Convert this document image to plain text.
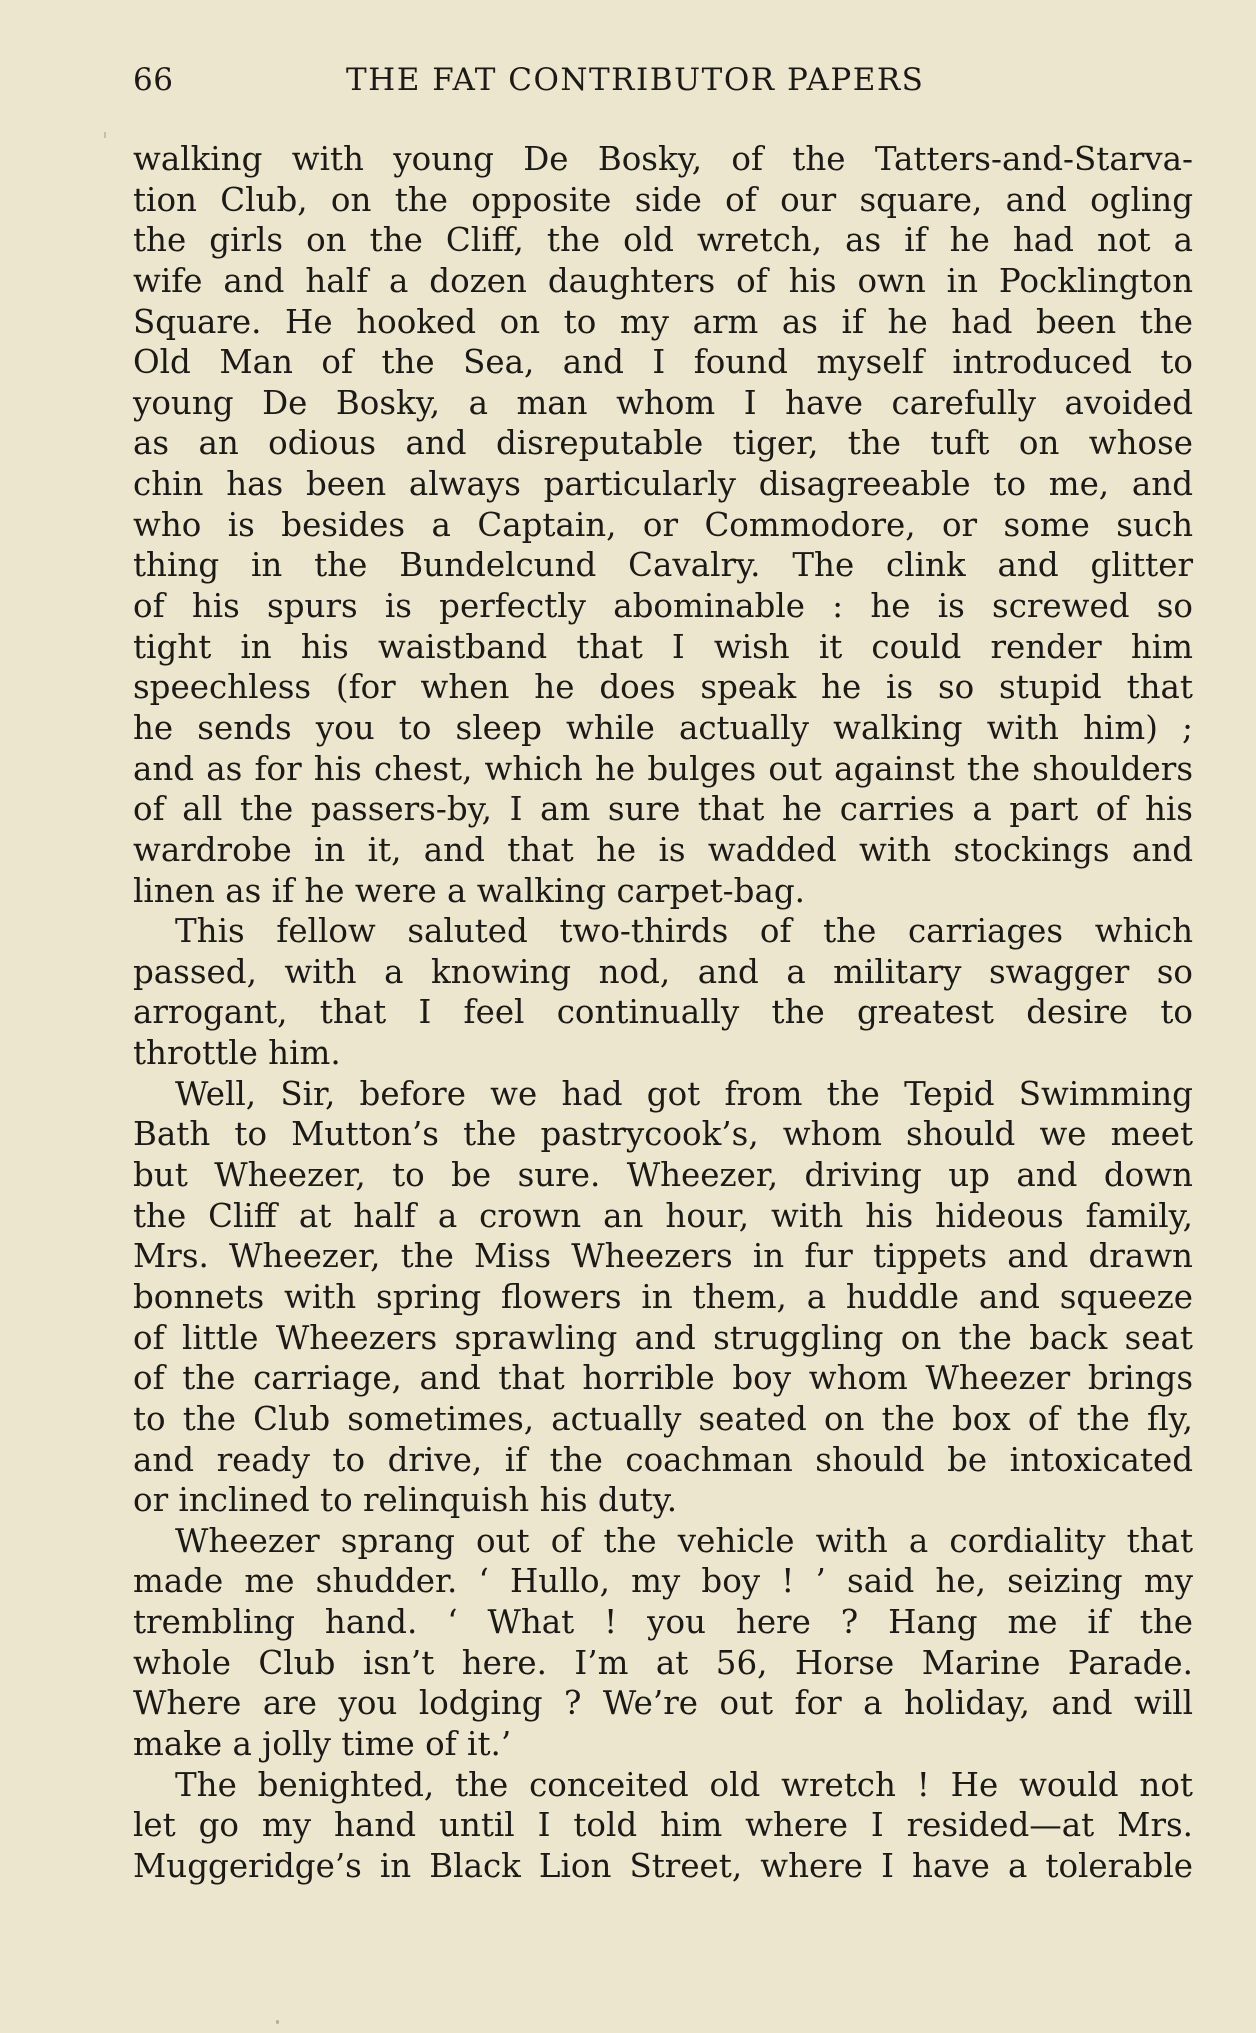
66	THE FAT CONTRIBUTOR PAPERS
walking with young De Bosky, of the Tatters-and-Starva-
tion Club, on the opposite side of our square, and ogling
the girls on the Cliff, the old wretch, as if he had not a
wife and half a dozen daughters of his own in Pocklington
Square. He hooked on to my arm as if he had been the
Old Man of the Sea, and I found myself introduced to
young De Bosky, a man whom I have carefully avoided
as an odious and disreputable tiger, the tuft on whose
chin has been always particularly disagreeable to me, and
who is besides a Captain, or Commodore, or some such
thing in the Bundelcund Cavalry. The clink and glitter
of his spurs is perfectly abominable : he is screwed so
tight in his waistband that I wish it could render him
speechless (for when he does speak he is so stupid that
he sends you to sleep while actually walking with him) ;
and as for his chest, which he bulges out against the shoulders
of all the passers-by, I am sure that he carries a part of his
wardrobe in it, and that he is wadded with stockings and
linen as if he were a walking carpet-bag.
This fellow saluted two-thirds of the carriages which
passed, with a knowing nod, and a military swagger so
arrogant, that I feel continually the greatest desire to
throttle him.
Well, Sir, before we had got from the Tepid Swimming
Bath to Mutton’s the pastrycook’s, whom should we meet
but Wheezer, to be sure. Wheezer, driving up and down
the Cliff at half a crown an hour, with his hideous family,
Mrs. Wheezer, the Miss Wheezers in fur tippets and drawn
bonnets with spring flowers in them, a huddle and squeeze
of little Wheezers sprawling and struggling on the back seat
of the carriage, and that horrible boy whom Wheezer brings
to the Club sometimes, actually seated on the box of the fly,
and ready to drive, if the coachman should be intoxicated
or inclined to relinquish his duty.
Wheezer sprang out of the vehicle with a cordiality that
made me shudder. ‘ Hullo, my boy ! ’ said he, seizing my
trembling hand. ‘ What ! you here ? Hang me if the
whole Club isn’t here. I’m at 56, Horse Marine Parade.
Where are you lodging ? We’re out for a holiday, and will
make a jolly time of it.’
The benighted, the conceited old wretch ! He would not
let go my hand until I told him where I resided—at Mrs.
Muggeridge’s in Black Lion Street, where I have a tolerable
